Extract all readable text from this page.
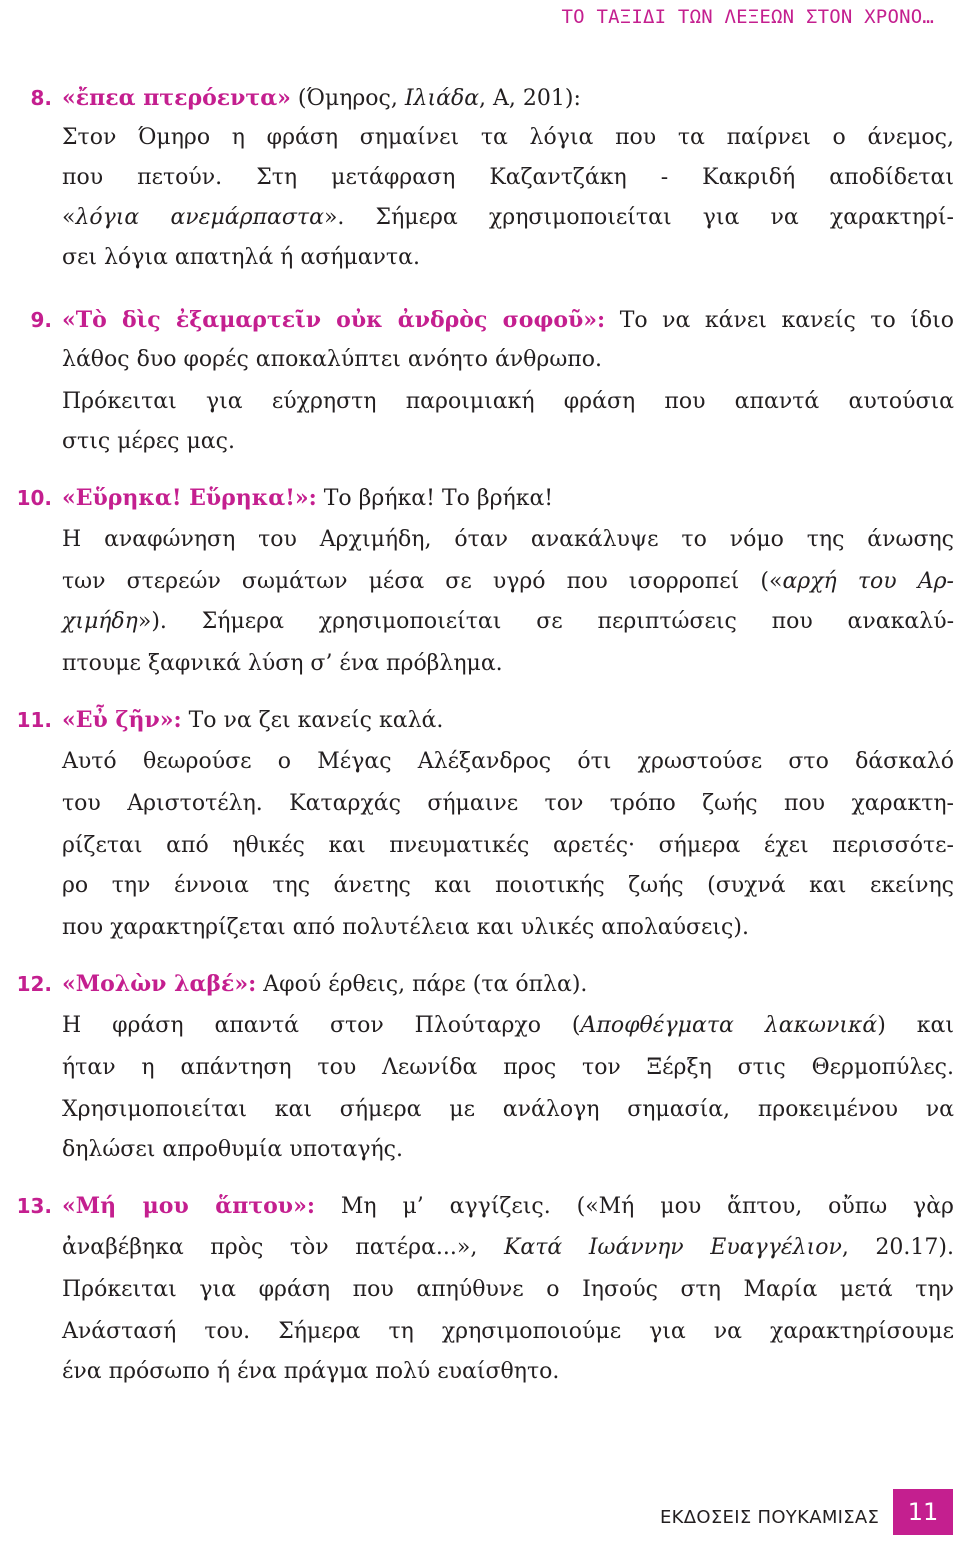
ΤΟ ΤΑΞΙΔΙ ΤΩΝ ΛΕΞΕΩΝ ΣΤΟΝ ΧΡΟΝΟ…
8. «ἔπεα πτερόεντα» (Όμηρος, Ιλιάδα, Α, 201):
Στον Όμηρο η φράση σημαίνει τα λόγια που τα παίρνει ο άνεμος,
που πετούν. Στη μετάφραση Καζαντζάκη - Κακριδή αποδίδεται
«λόγια ανεμάρπαστα». Σήμερα χρησιμοποιείται για να χαρακτηρί-
σει λόγια απατηλά ή ασήμαντα.
9. «Τὸ δὶς ἐξαμαρτεῖν οὐκ ἀνδρὸς σοφοῦ»: Το να κάνει κανείς το ίδιο
λάθος δυο φορές αποκαλύπτει ανόητο άνθρωπο.
Πρόκειται για εύχρηστη παροιμιακή φράση που απαντά αυτούσια
στις μέρες μας.
10. «Εὕρηκα! Εὕρηκα!»: Το βρήκα! Το βρήκα!
Η αναφώνηση του Αρχιμήδη, όταν ανακάλυψε το νόμο της άνωσης
των στερεών σωμάτων μέσα σε υγρό που ισορροπεί («αρχή του Αρ-
χιμήδη»). Σήμερα χρησιμοποιείται σε περιπτώσεις που ανακαλύ-
πτουμε ξαφνικά λύση σ’ ένα πρόβλημα.
11. «Εὖ ζῆν»: Το να ζει κανείς καλά.
Αυτό θεωρούσε ο Μέγας Αλέξανδρος ότι χρωστούσε στο δάσκαλό
του Αριστοτέλη. Καταρχάς σήμαινε τον τρόπο ζωής που χαρακτη-
ρίζεται από ηθικές και πνευματικές αρετές· σήμερα έχει περισσότε-
ρο την έννοια της άνετης και ποιοτικής ζωής (συχνά και εκείνης
που χαρακτηρίζεται από πολυτέλεια και υλικές απολαύσεις).
12. «Μολὼν λαβέ»: Αφού έρθεις, πάρε (τα όπλα).
Η φράση απαντά στον Πλούταρχο (Αποφθέγματα λακωνικά) και
ήταν η απάντηση του Λεωνίδα προς τον Ξέρξη στις Θερμοπύλες.
Χρησιμοποιείται και σήμερα με ανάλογη σημασία, προκειμένου να
δηλώσει απροθυμία υποταγής.
13. «Μή μου ἅπτου»: Μη μ’ αγγίζεις. («Μή μου ἅπτου, οὔπω γὰρ
ἀναβέβηκα πρὸς τὸν πατέρα...», Κατά Ιωάννην Ευαγγέλιον, 20.17).
Πρόκειται για φράση που απηύθυνε ο Ιησούς στη Μαρία μετά την
Ανάστασή του. Σήμερα τη χρησιμοποιούμε για να χαρακτηρίσουμε
ένα πρόσωπο ή ένα πράγμα πολύ ευαίσθητο.
ΕΚΔΟΣΕΙΣ ΠΟΥΚΑΜΙΣΑΣ	11
